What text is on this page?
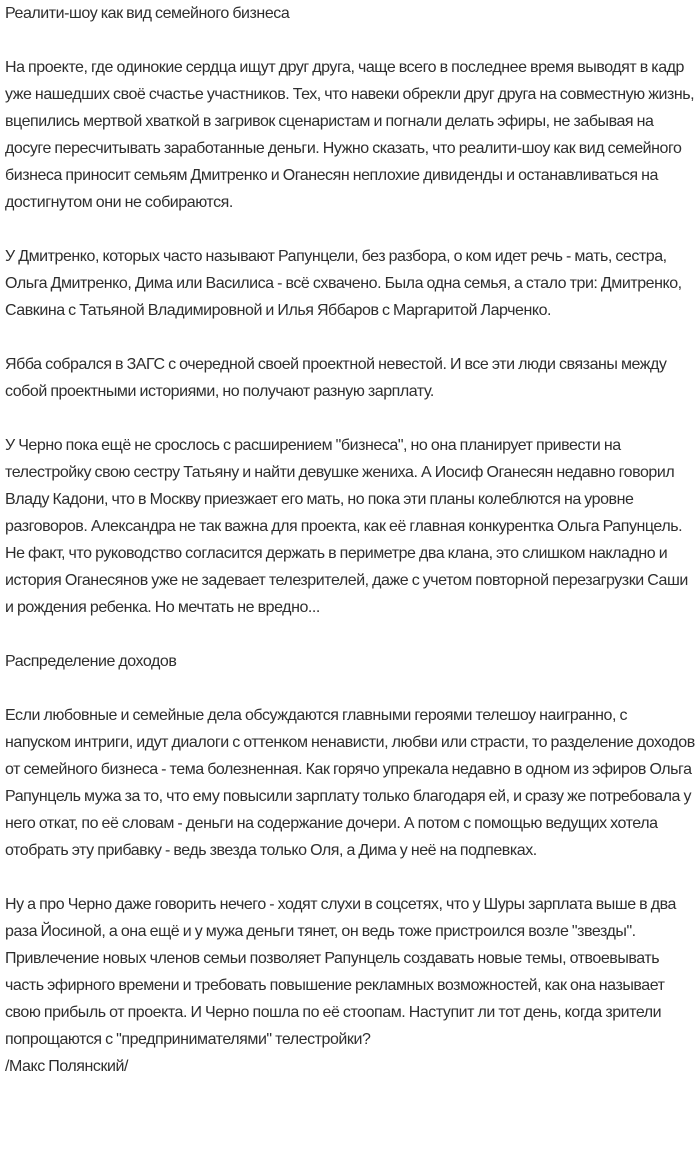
Реалити-шоу как вид семейного бизнеса

На проекте, где одинокие сердца ищут друг друга, чаще всего в последнее время выводят в кадр уже нашедших своё счастье участников. Тех, что навеки обрекли друг друга на совместную жизнь, вцепились мертвой хваткой в загривок сценаристам и погнали делать эфиры, не забывая на досуге пересчитывать заработанные деньги. Нужно сказать, что реалити-шоу как вид семейного бизнеса приносит семьям Дмитренко и Оганесян неплохие дивиденды и останавливаться на достигнутом они не собираются.

У Дмитренко, которых часто называют Рапунцели, без разбора, о ком идет речь - мать, сестра, Ольга Дмитренко, Дима или Василиса - всё схвачено. Была одна семья, а стало три: Дмитренко, Савкина с Татьяной Владимировной и Илья Яббаров с Маргаритой Ларченко.

Ябба собрался в ЗАГС с очередной своей проектной невестой. И все эти люди связаны между собой проектными историями, но получают разную зарплату.

У Черно пока ещё не срослось с расширением "бизнеса", но она планирует привести на телестройку свою сестру Татьяну и найти девушке жениха. А Иосиф Оганесян недавно говорил Владу Кадони, что в Москву приезжает его мать, но пока эти планы колеблются на уровне разговоров. Александра не так важна для проекта, как её главная конкурентка Ольга Рапунцель. Не факт, что руководство согласится держать в периметре два клана, это слишком накладно и история Оганесянов уже не задевает телезрителей, даже с учетом повторной перезагрузки Саши и рождения ребенка. Но мечтать не вредно...

Распределение доходов

Если любовные и семейные дела обсуждаются главными героями телешоу наигранно, с напуском интриги, идут диалоги с оттенком ненависти, любви или страсти, то разделение доходов от семейного бизнеса - тема болезненная. Как горячо упрекала недавно в одном из эфиров Ольга Рапунцель мужа за то, что ему повысили зарплату только благодаря ей, и сразу же потребовала у него откат, по её словам - деньги на содержание дочери. А потом с помощью ведущих хотела отобрать эту прибавку - ведь звезда только Оля, а Дима у неё на подпевках.

Ну а про Черно даже говорить нечего - ходят слухи в соцсетях, что у Шуры зарплата выше в два раза Йосиной, а она ещё и у мужа деньги тянет, он ведь тоже пристроился возле "звезды".

Привлечение новых членов семьи позволяет Рапунцель создавать новые темы, отвоевывать часть эфирного времени и требовать повышение рекламных возможностей, как она называет свою прибыль от проекта. И Черно пошла по её стоопам. Наступит ли тот день, когда зрители попрощаются с "предпринимателями" телестройки?

/Макс Полянский/
